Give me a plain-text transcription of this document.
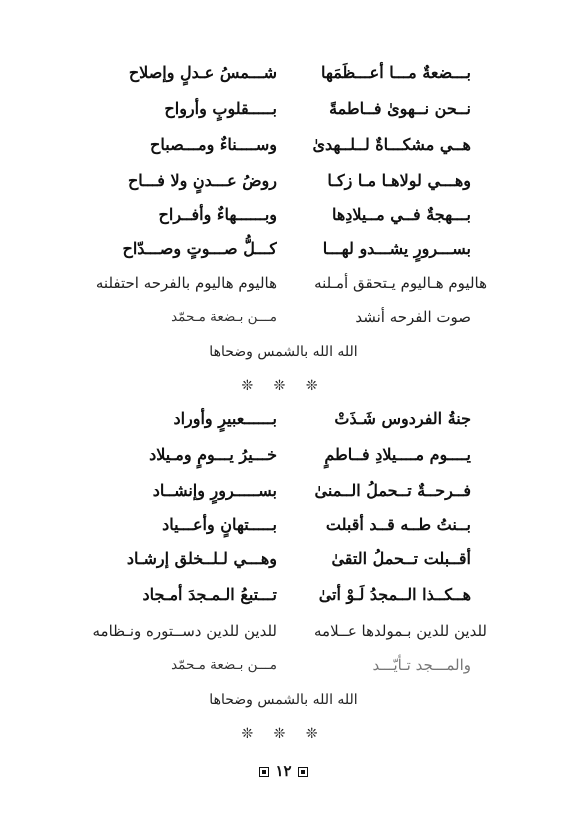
بـــضعةٌ مـــا أعـــظَمَها
شـــمسُ عـدلٍ وإصلاح
نــحن نــهوىٰ فــاطمةً
بـــــقلوبٍ وأرواح
هــي مشكـــاةٌ لــلــهدىٰ
وســــناءٌ ومـــصباح
وهـــي لولاهـا مـا زكـا
روضُ عـــدنٍ ولا فـــاح
بـــهجةٌ فــي مــيلادِها
وبــــــهاءٌ وأفــراح
بســـرورٍ يشـــدو لهـــا
كـــلُّ صـــوتٍ وصـــدّاح
هاليوم هـاليوم يـتحقق أمـلنه
هاليوم هاليوم بالفرحه احتفلنه
صوت الفرحه أنشد
مـــن بـضعة مـحمّد
الله الله بالشمس وضحاها
❊ ❊ ❊
جنةُ الفردوس شَـذَتْ
بــــــعبيرٍ وأوراد
يــــوم مــــيلادِ فــاطمٍ
خـــيرُ يـــومٍ ومـيلاد
فــرحــةٌ تــحملُ الــمنىٰ
بســـــرورٍ وإنشــاد
بــنتُ طــه قــد أقبلت
بـــــتهانٍ وأعـــياد
أقــبلت تــحملُ التقىٰ
وهـــي لـلــخلق إرشـاد
هــكــذا الــمجدُ لَـوْ أتىٰ
تـــتبعُ الـمـجدَ أمـجاد
للدين للدين بـمولدها عــلامه
للدين للدين دســتوره ونـظامه
والمـــجد تـأيّـــد
مـــن بـضعة مـحمّد
الله الله بالشمس وضحاها
❊ ❊ ❊
١٢
